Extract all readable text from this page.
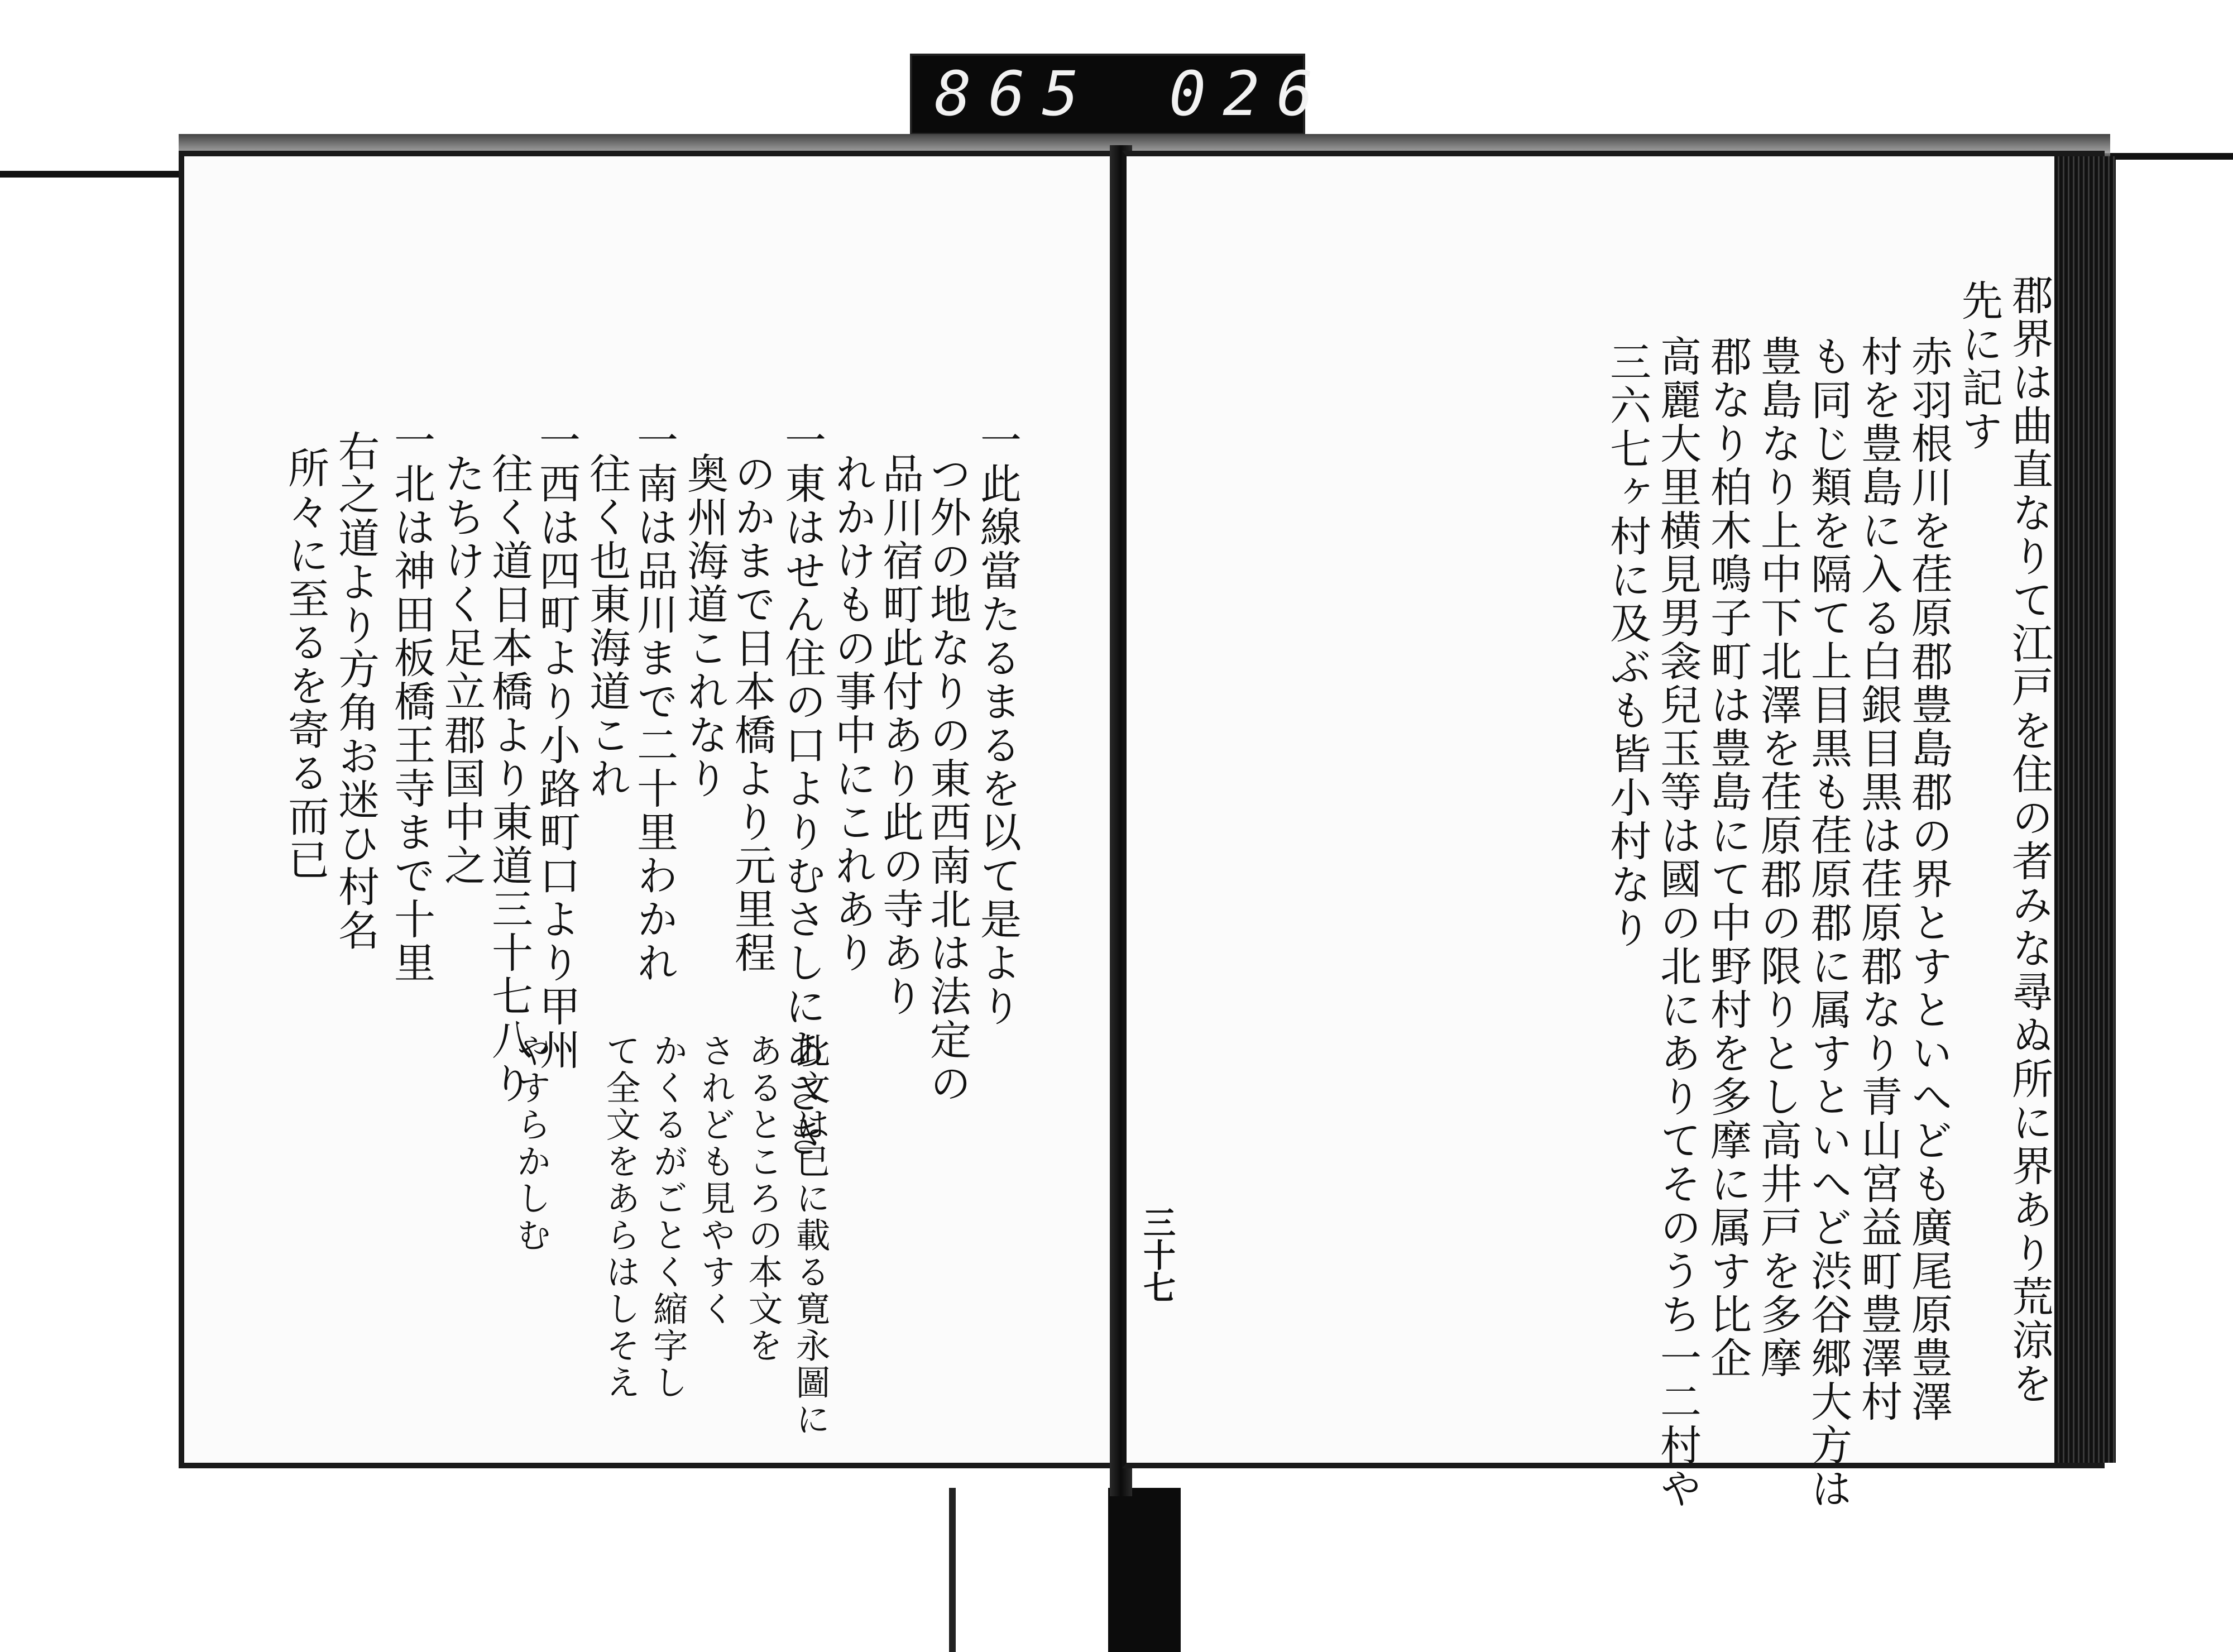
865 026
一此線當たるまるを以て是より
つ外の地なりの東西南北は法定の
品川宿町此付あり此の寺あり
れかけもの事中にこれあり
一東はせん住の口よりむさしにあさき
のかまで日本橋より元里程
奥州海道これなり
一南は品川まで二十里わかれ
往く也東海道これ
一西は四町より小路町口より甲州
往く道日本橋より東道三十七八り
たちけく足立郡国中之
一北は神田板橋王寺まで十里
右之道より方角お迷ひ村名
所々に至るを寄る而已
此文は已に載る寛永圖に
あるところの本文を
されども見やすく
かくるがごとく縮字し
て全文をあらはしそえ
やすらかしむ	郡界は曲直なりて江戸を住の者みな尋ぬ所に界あり荒涼を
先に記す
赤羽根川を荏原郡豊島郡の界とすといへども廣尾原豊澤
村を豊島に入る白銀目黒は荏原郡なり青山宮益町豊澤村
も同じ類を隔て上目黒も荏原郡に属すといへど渋谷郷大方は
豊島なり上中下北澤を荏原郡の限りとし高井戸を多摩
郡なり柏木鳴子町は豊島にて中野村を多摩に属す比企
高麗大里横見男衾兒玉等は國の北にありてそのうち一二村や
三六七ヶ村に及ぶも皆小村なり
三十七
